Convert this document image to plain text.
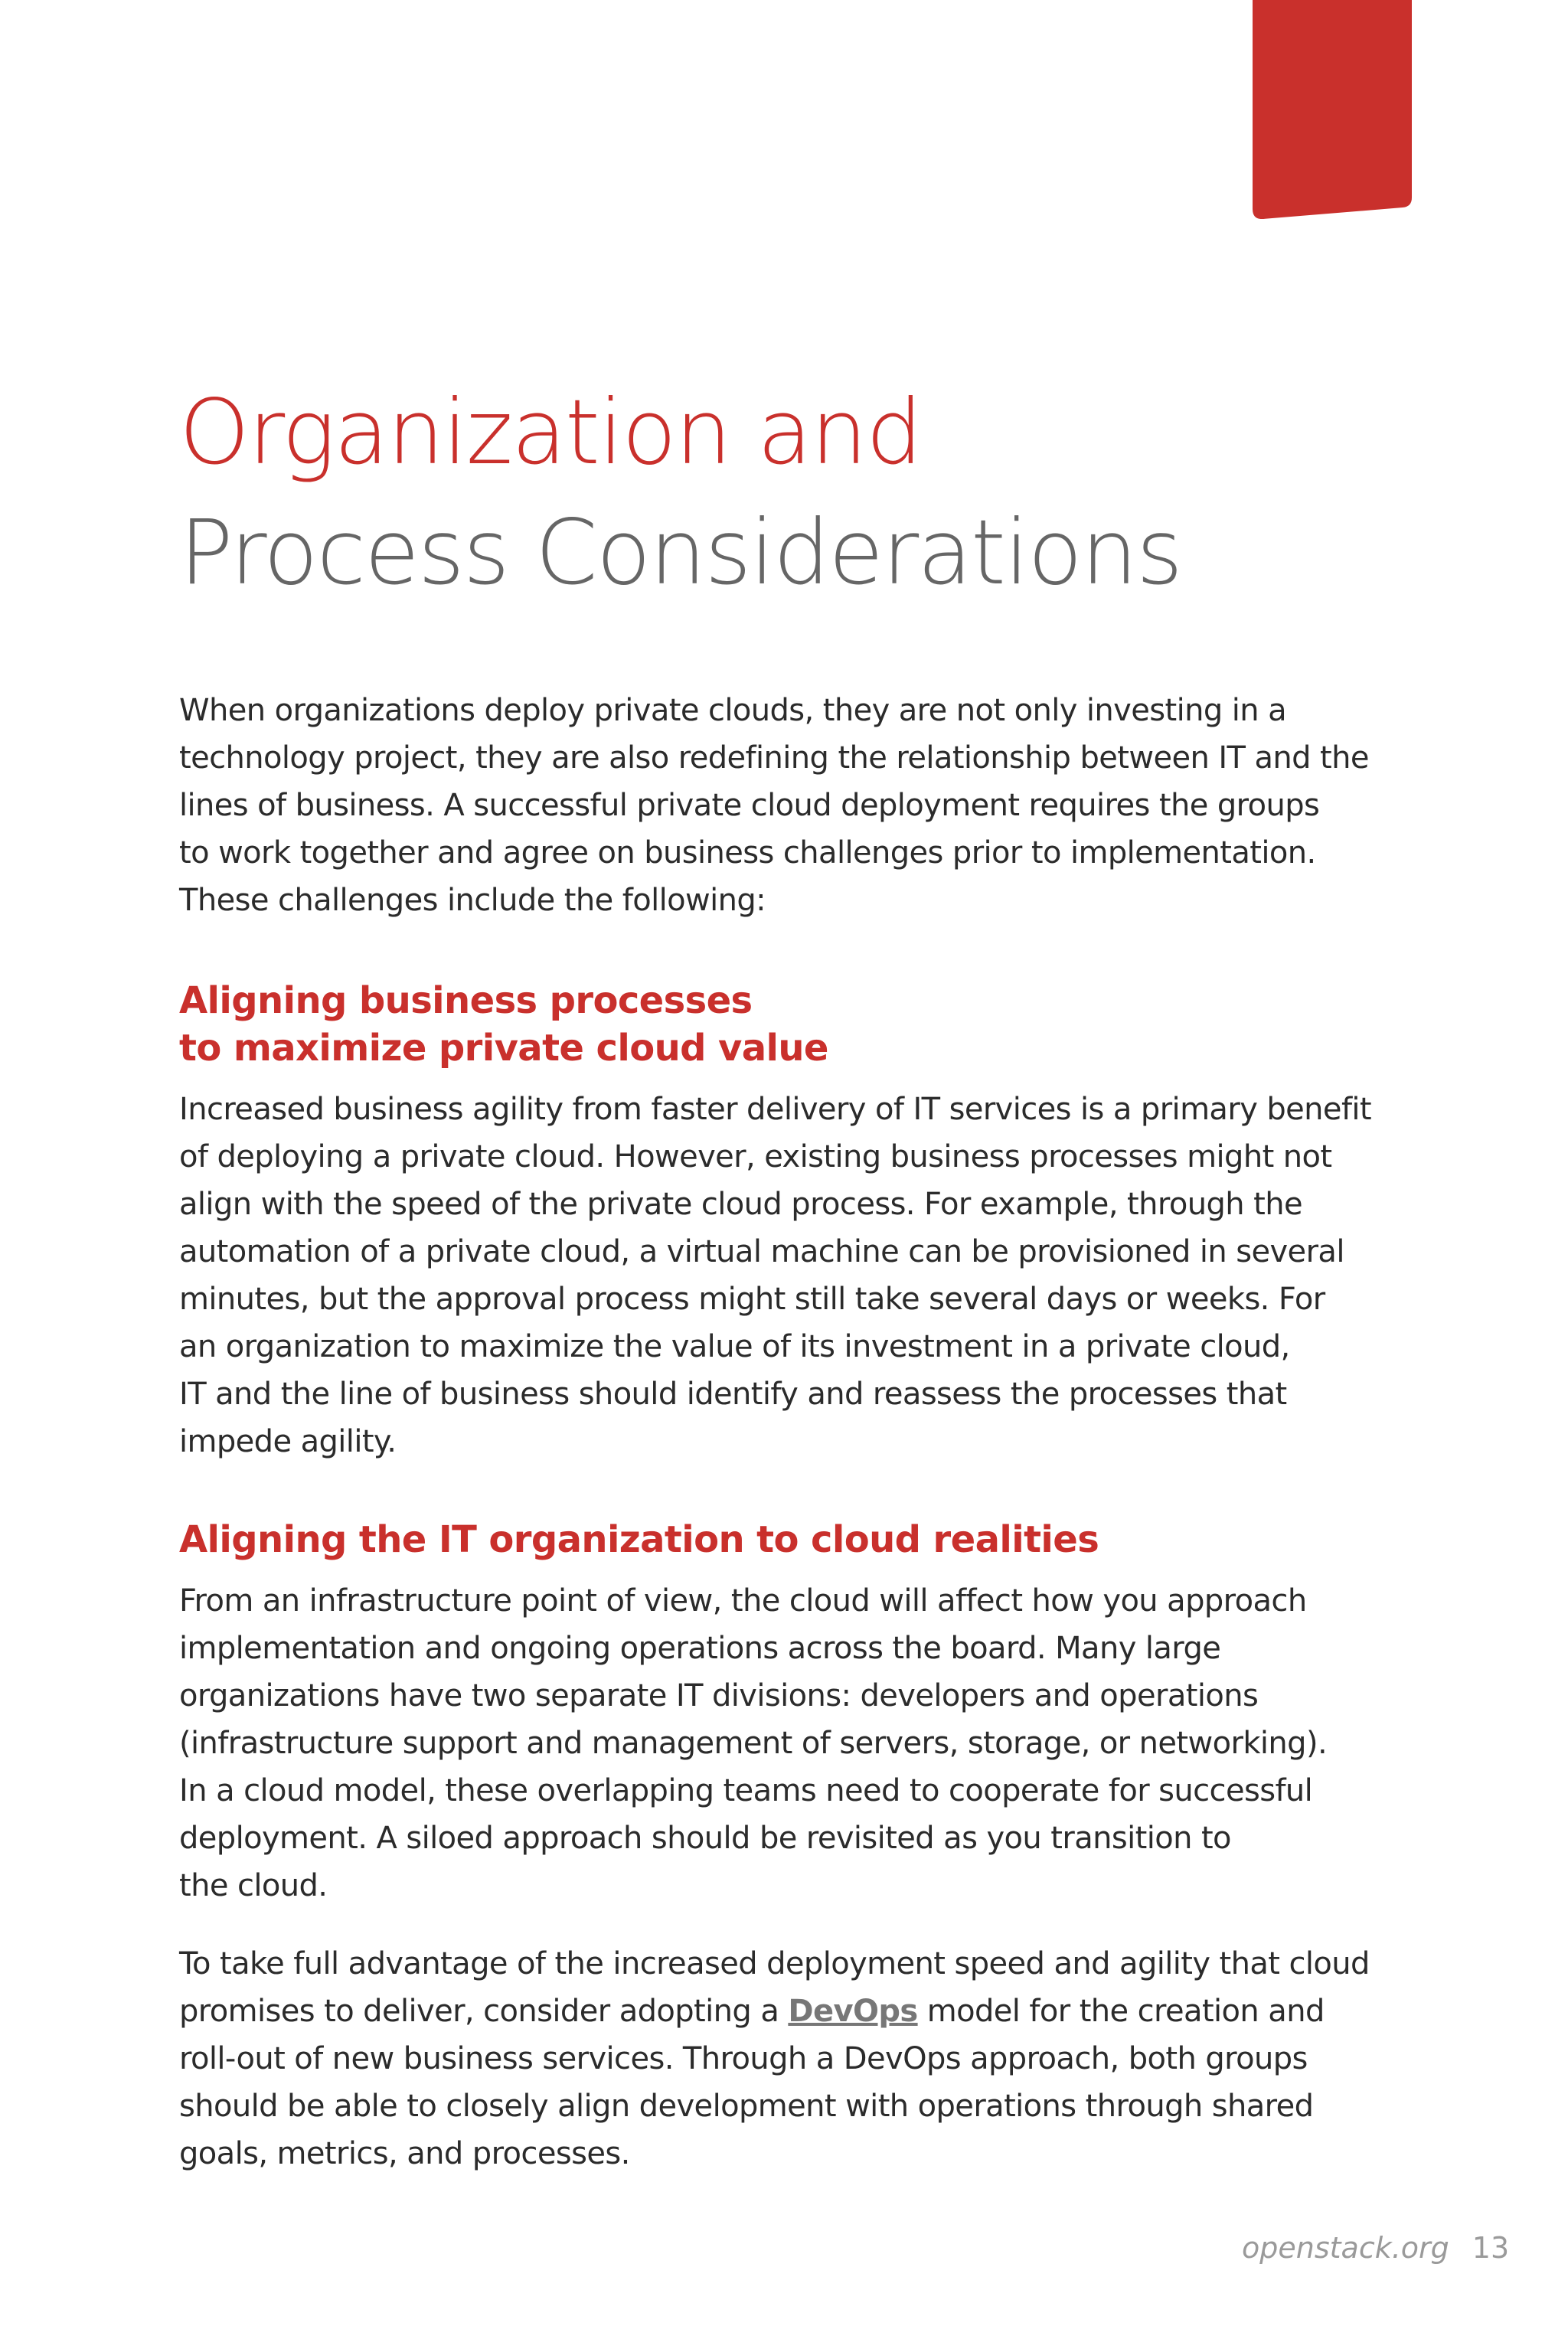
Organization and
Process Considerations

When organizations deploy private clouds, they are not only investing in a
technology project, they are also redefining the relationship between IT and the
lines of business. A successful private cloud deployment requires the groups
to work together and agree on business challenges prior to implementation.
These challenges include the following:

Aligning business processes
to maximize private cloud value

Increased business agility from faster delivery of IT services is a primary benefit
of deploying a private cloud. However, existing business processes might not
align with the speed of the private cloud process. For example, through the
automation of a private cloud, a virtual machine can be provisioned in several
minutes, but the approval process might still take several days or weeks. For
an organization to maximize the value of its investment in a private cloud,
IT and the line of business should identify and reassess the processes that
impede agility.

Aligning the IT organization to cloud realities

From an infrastructure point of view, the cloud will affect how you approach
implementation and ongoing operations across the board. Many large
organizations have two separate IT divisions: developers and operations
(infrastructure support and management of servers, storage, or networking).
In a cloud model, these overlapping teams need to cooperate for successful
deployment. A siloed approach should be revisited as you transition to
the cloud.

To take full advantage of the increased deployment speed and agility that cloud
promises to deliver, consider adopting a DevOps model for the creation and
roll-out of new business services. Through a DevOps approach, both groups
should be able to closely align development with operations through shared
goals, metrics, and processes.

openstack.org 13
